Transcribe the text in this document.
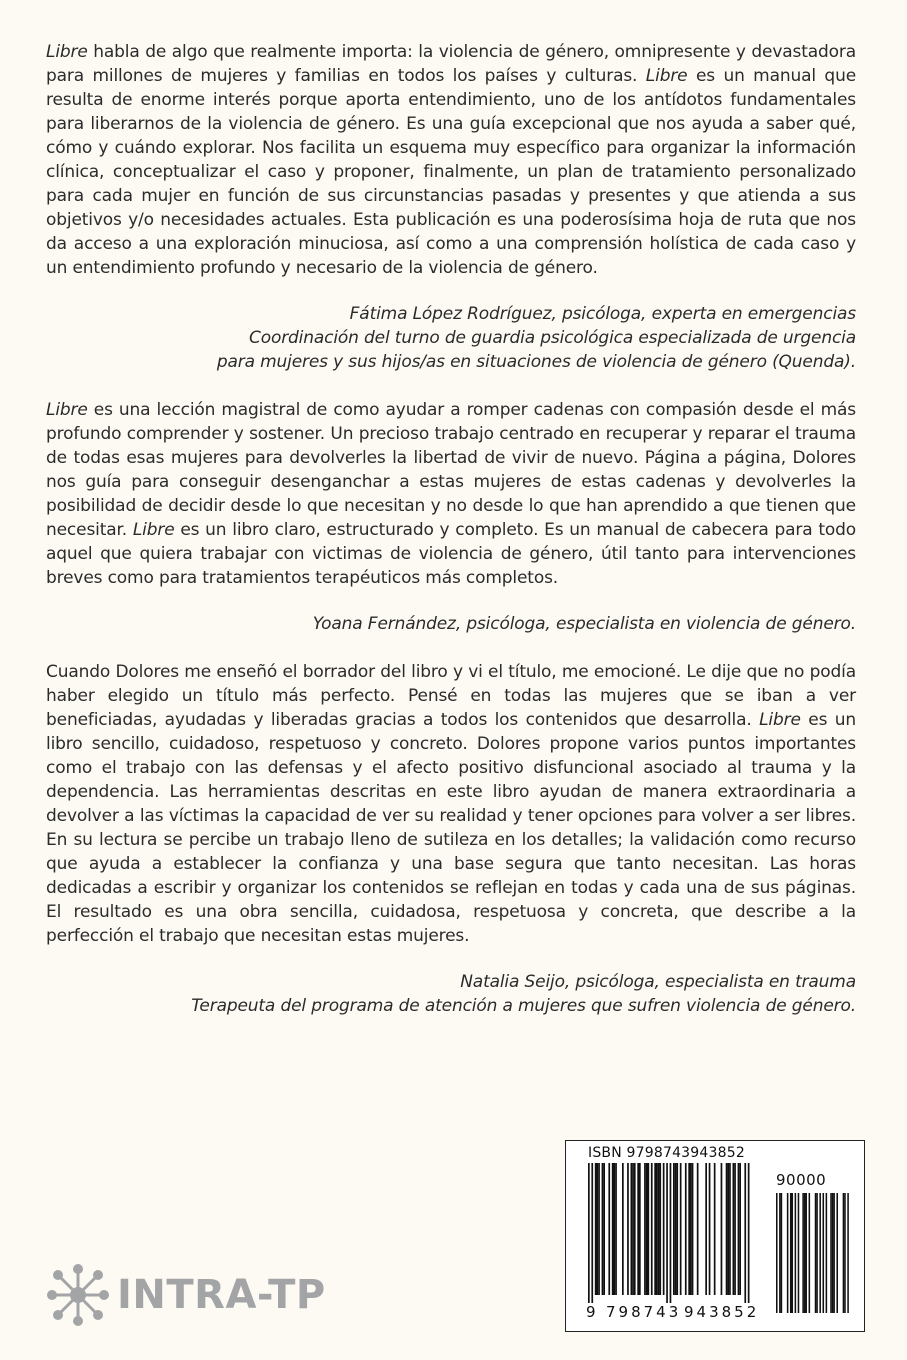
Libre habla de algo que realmente importa: la violencia de género, omnipresente y devastadora para millones de mujeres y familias en todos los países y culturas. Libre es un manual que resulta de enorme interés porque aporta entendimiento, uno de los antídotos fundamentales para liberarnos de la violencia de género. Es una guía excepcional que nos ayuda a saber qué, cómo y cuándo explorar. Nos facilita un esquema muy específico para organizar la información clínica, conceptualizar el caso y proponer, finalmente, un plan de tratamiento personalizado para cada mujer en función de sus circunstancias pasadas y presentes y que atienda a sus objetivos y/o necesidades actuales. Esta publicación es una poderosísima hoja de ruta que nos da acceso a una exploración minuciosa, así como a una comprensión holística de cada caso y un entendimiento profundo y necesario de la violencia de género.

Fátima López Rodríguez, psicóloga, experta en emergencias

Coordinación del turno de guardia psicológica especializada de urgencia

para mujeres y sus hijos/as en situaciones de violencia de género (Quenda).

Libre es una lección magistral de como ayudar a romper cadenas con compasión desde el más profundo comprender y sostener. Un precioso trabajo centrado en recuperar y reparar el trauma de todas esas mujeres para devolverles la libertad de vivir de nuevo. Página a página, Dolores nos guía para conseguir desenganchar a estas mujeres de estas cadenas y devolverles la posibilidad de decidir desde lo que necesitan y no desde lo que han aprendido a que tienen que necesitar. Libre es un libro claro, estructurado y completo. Es un manual de cabecera para todo aquel que quiera trabajar con victimas de violencia de género, útil tanto para intervenciones breves como para tratamientos terapéuticos más completos.

Yoana Fernández, psicóloga, especialista en violencia de género.

Cuando Dolores me enseñó el borrador del libro y vi el título, me emocioné. Le dije que no podía haber elegido un título más perfecto. Pensé en todas las mujeres que se iban a ver beneficiadas, ayudadas y liberadas gracias a todos los contenidos que desarrolla. Libre es un libro sencillo, cuidadoso, respetuoso y concreto. Dolores propone varios puntos importantes como el trabajo con las defensas y el afecto positivo disfuncional asociado al trauma y la dependencia. Las herramientas descritas en este libro ayudan de manera extraordinaria a devolver a las víctimas la capacidad de ver su realidad y tener opciones para volver a ser libres. En su lectura se percibe un trabajo lleno de sutileza en los detalles; la validación como recurso que ayuda a establecer la confianza y una base segura que tanto necesitan. Las horas dedicadas a escribir y organizar los contenidos se reflejan en todas y cada una de sus páginas. El resultado es una obra sencilla, cuidadosa, respetuosa y concreta, que describe a la perfección el trabajo que necesitan estas mujeres.

Natalia Seijo, psicóloga, especialista en trauma

Terapeuta del programa de atención a mujeres que sufren violencia de género.

INTRA-TP
ISBN 9798743943852
90000
9 798743 943852
